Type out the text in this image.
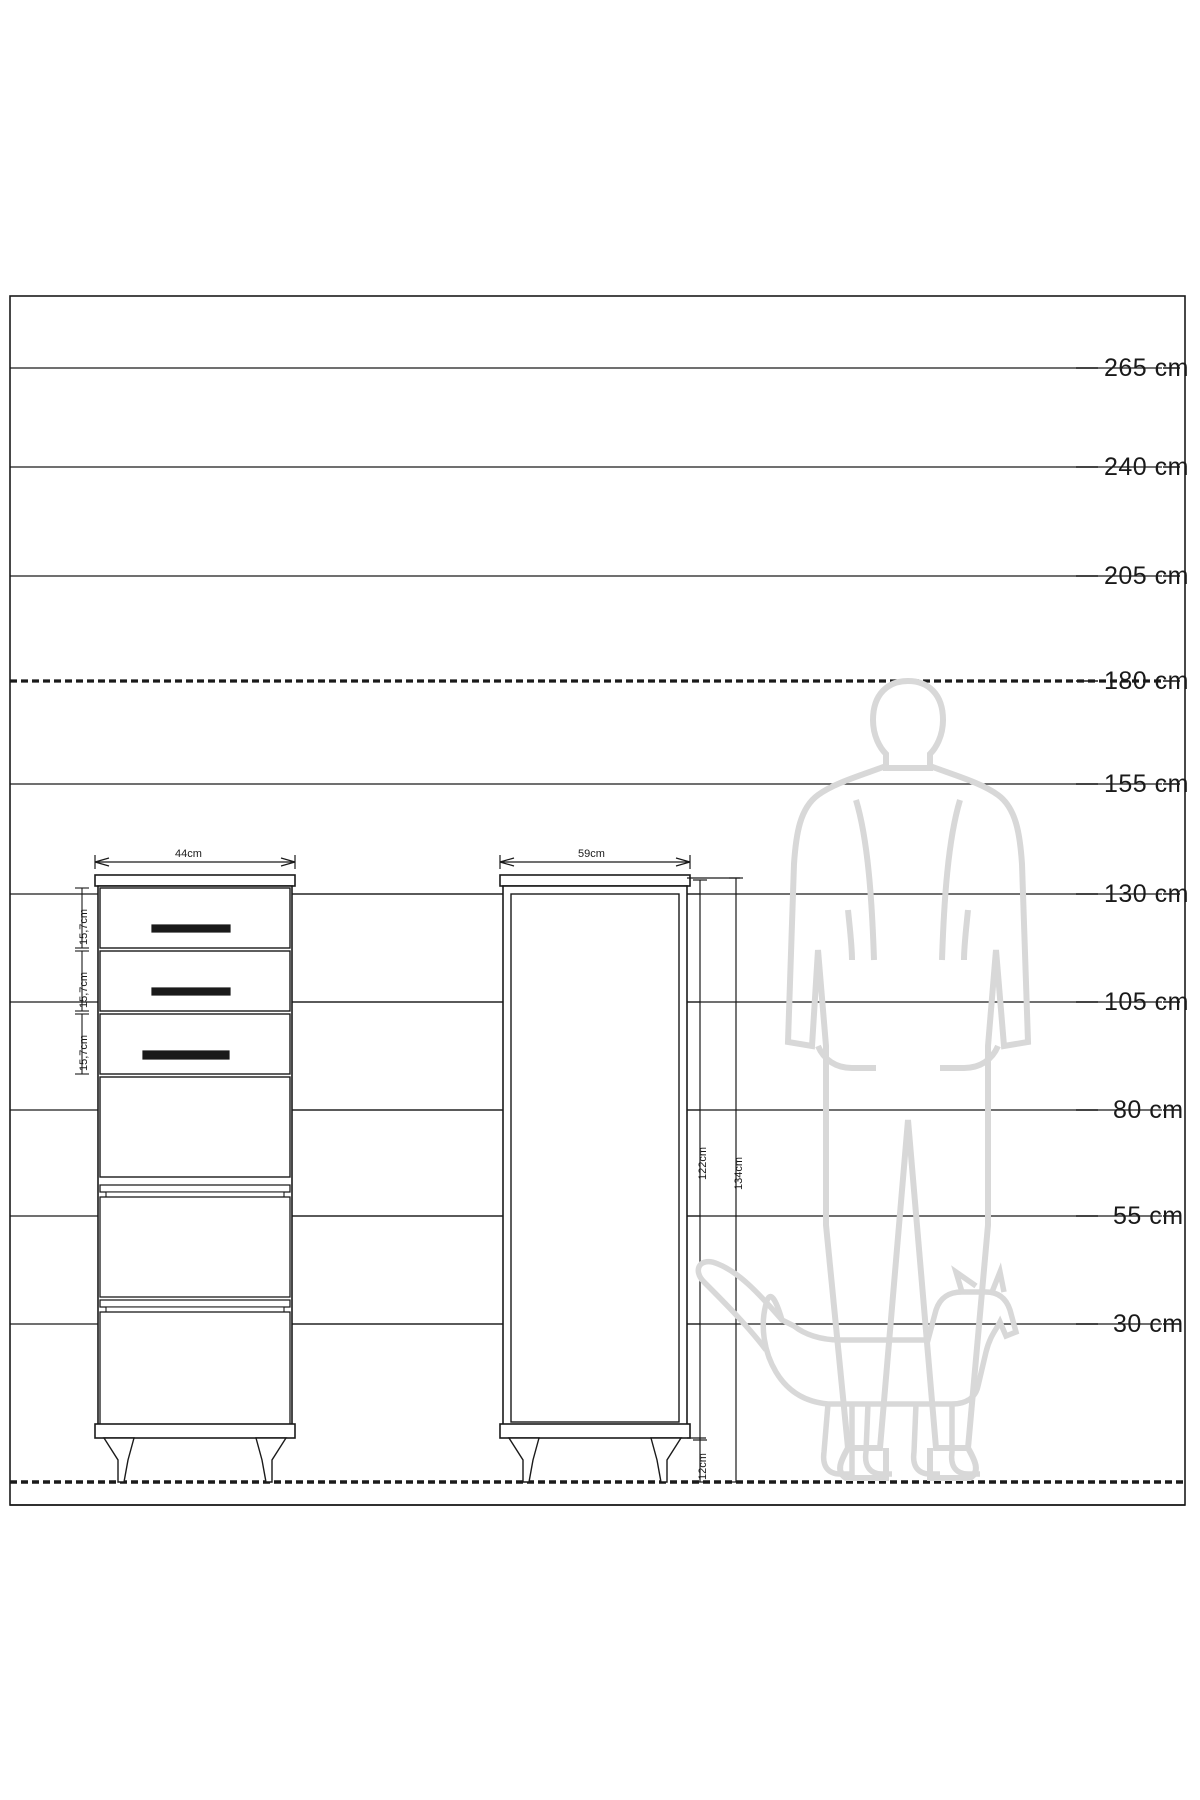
265 cm
240 cm
205 cm
180 cm
155 cm
130 cm
105 cm
80 cm
55 cm
30 cm
44cm	59cm
15,7cm
15,7cm
15,7cm
122cm 134cm
12cm
